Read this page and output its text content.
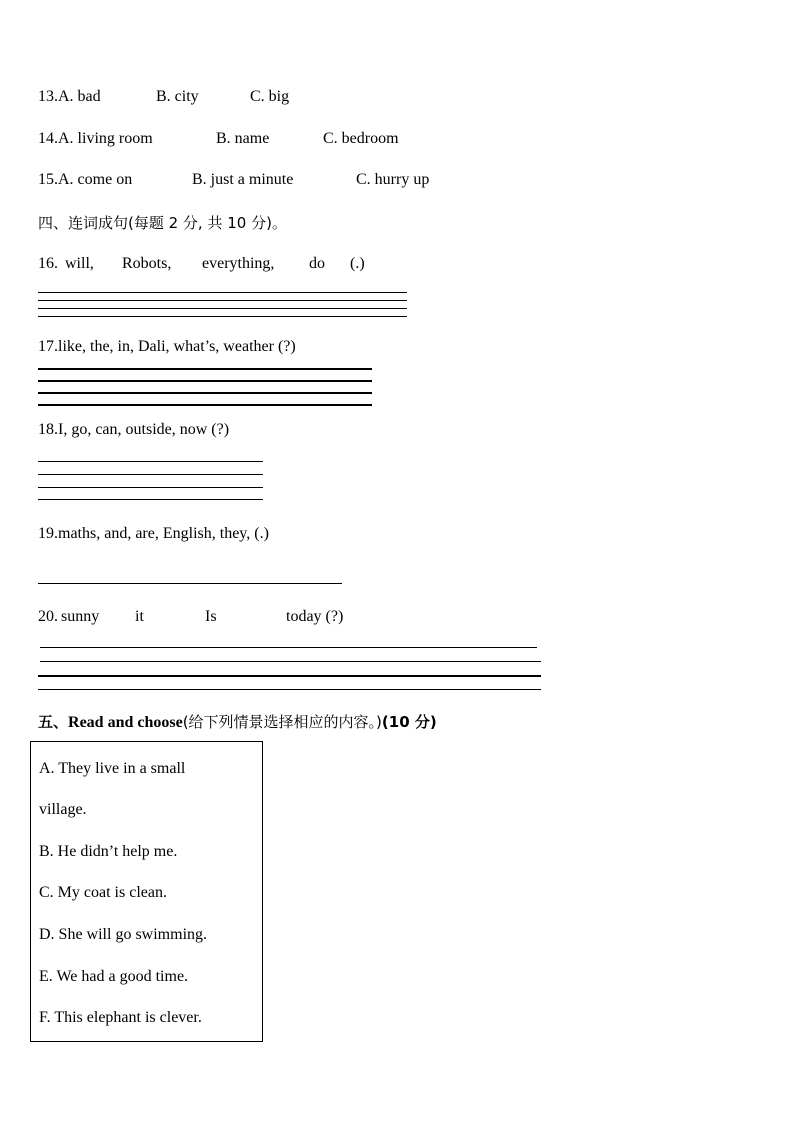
13.A. bad	B. city	C. big
14.A. living room	B. name	C. bedroom
15.A. come on	B. just a minute	C. hurry up
四、连词成句(每题 2 分, 共 10 分)。
16. will, Robots, everything, do (.)
17.like, the, in, Dali, what’s, weather (?)
18.I, go, can, outside, now (?)
19.maths, and, are, English, they, (.)
20. sunny it	Is	today (?)
五、Read and choose(给下列情景选择相应的内容。)(10 分)
A. They live in a small
village.
B. He didn’t help me.
C. My coat is clean.
D. She will go swimming.
E. We had a good time.
F. This elephant is clever.
